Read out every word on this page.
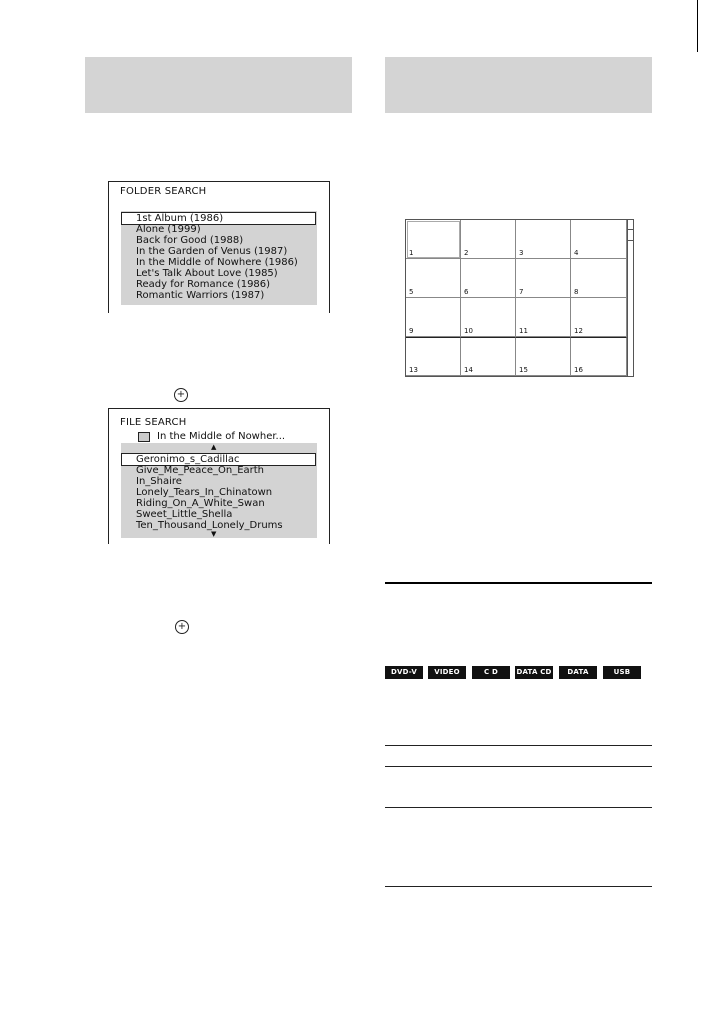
FOLDER SEARCH
1st Album (1986)
Alone (1999)
Back for Good (1988)
In the Garden of Venus (1987)
In the Middle of Nowhere (1986)
Let's Talk About Love (1985)
Ready for Romance (1986)
Romantic Warriors (1987)
+
FILE SEARCH
In the Middle of Nowher...
▲
Geronimo_s_Cadillac
Give_Me_Peace_On_Earth
In_Shaire
Lonely_Tears_In_Chinatown
Riding_On_A_White_Swan
Sweet_Little_Shella
Ten_Thousand_Lonely_Drums
▼
+
1	2	3	4
5	6	7	8
9	10	11	12
13	14	15	16
DVD-V	VIDEO CD
C D	DATA CD	DATA DVD
USB
